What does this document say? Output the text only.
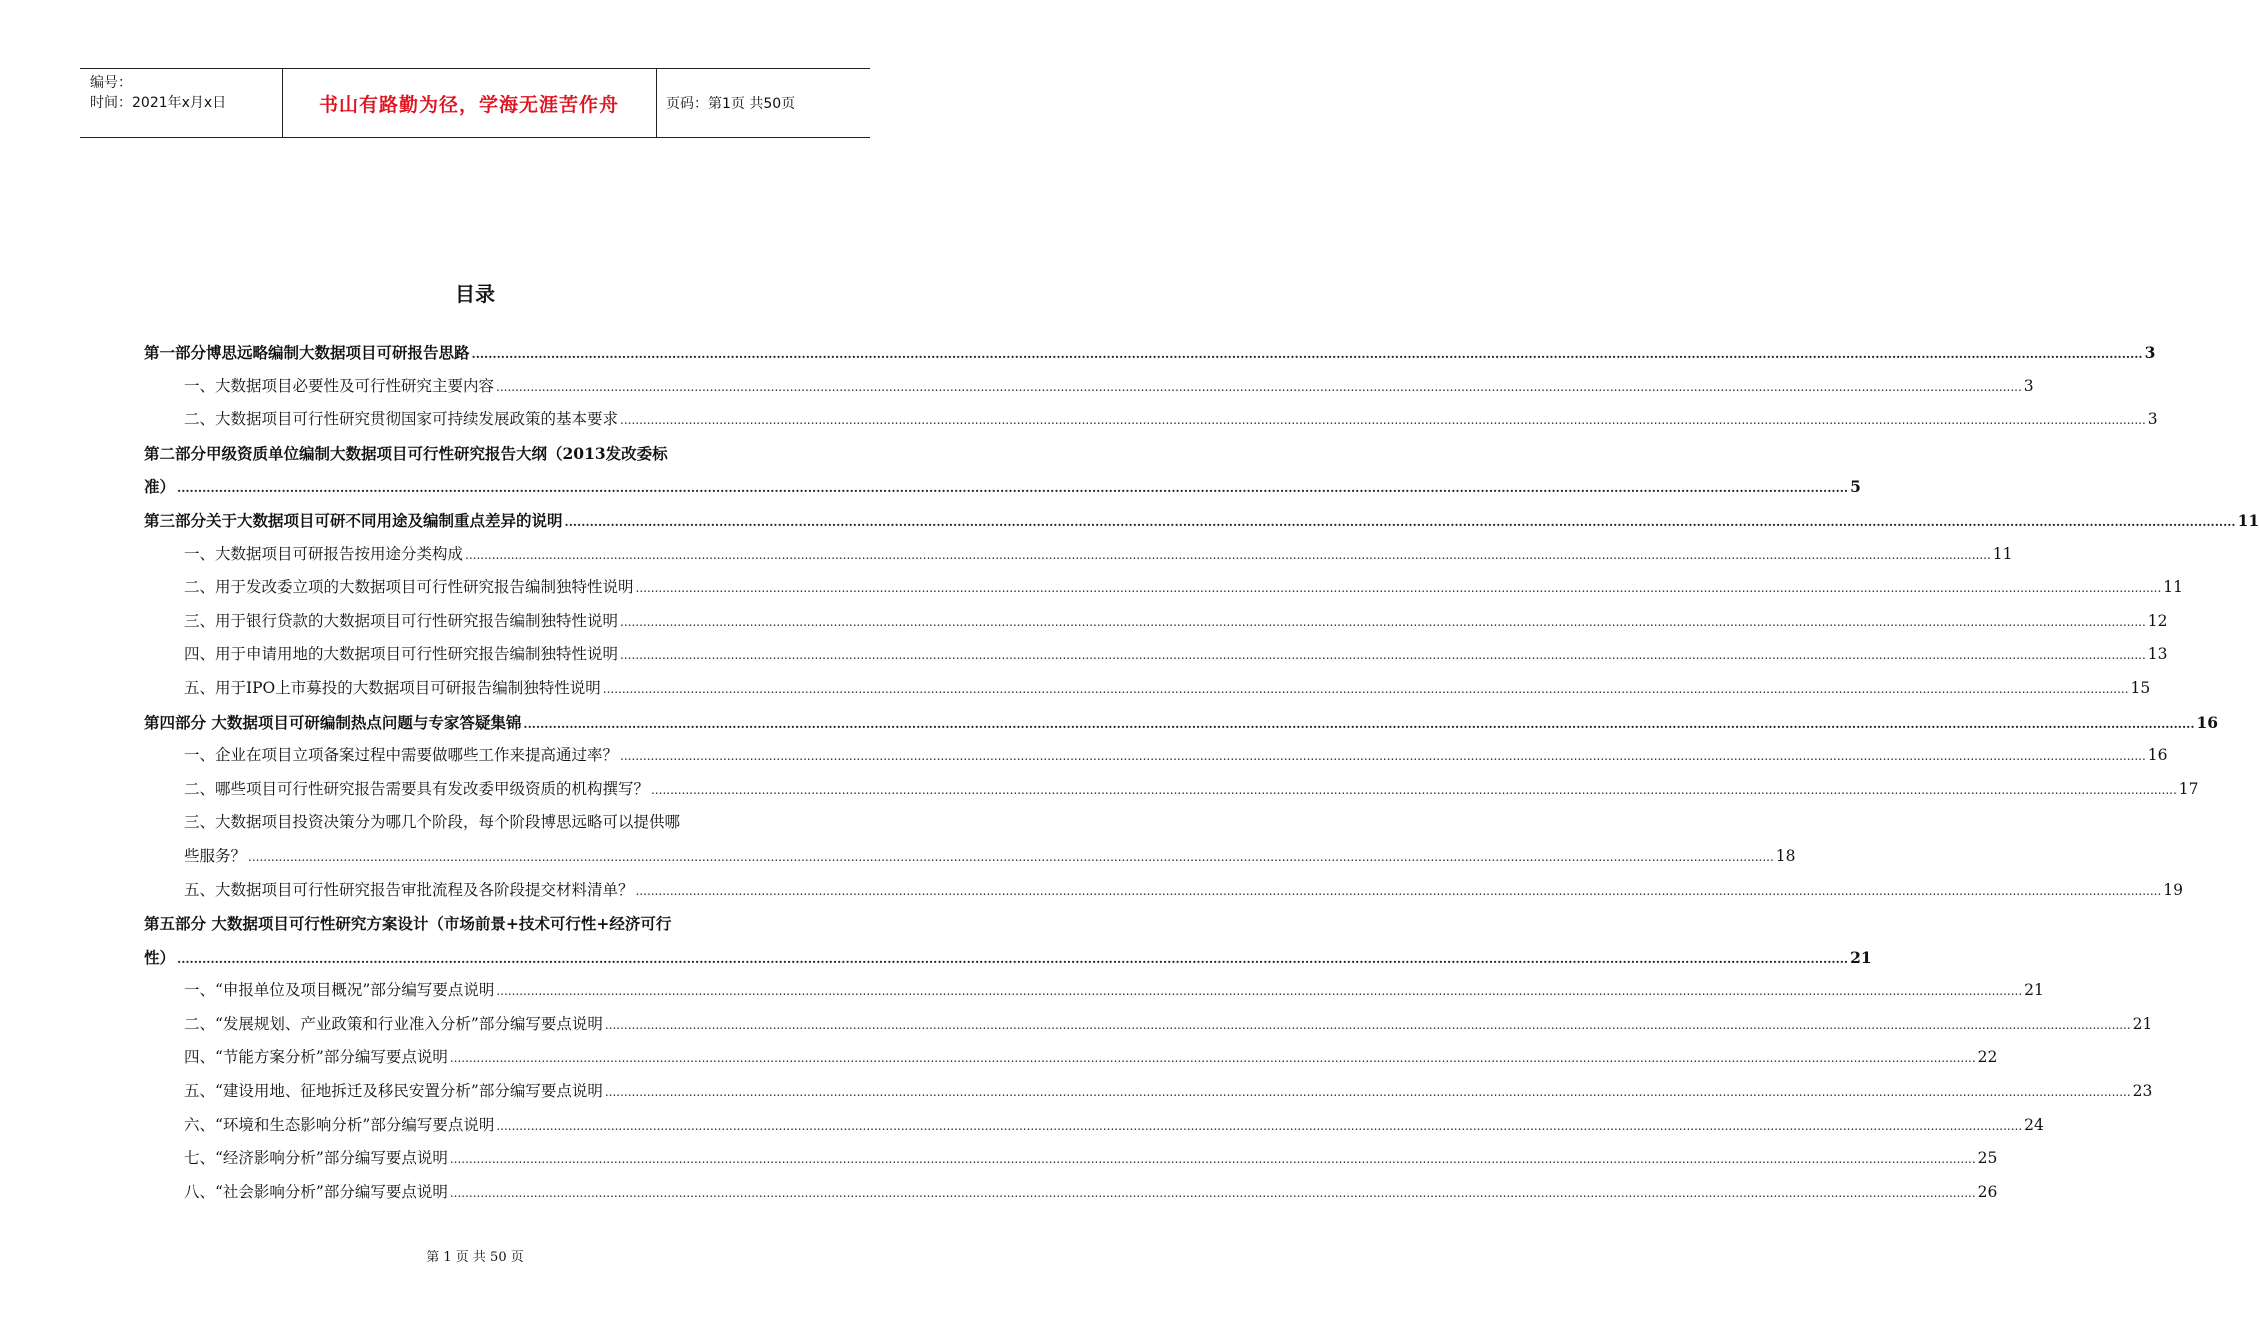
编号：
时间：2021年x月x日	书山有路勤为径，学海无涯苦作舟	页码：第1页 共50页
目录
第一部分博思远略编制大数据项目可研报告思路 ................................................................................................................................................................................................................................................................................................................................................................................................................ 3
一、大数据项目必要性及可行性研究主要内容 ................................................................................................................................................................................................................................................................................................................................................................................................................ 3
二、大数据项目可行性研究贯彻国家可持续发展政策的基本要求 ................................................................................................................................................................................................................................................................................................................................................................................................................ 3
第二部分甲级资质单位编制大数据项目可行性研究报告大纲（2013发改委标
准） ................................................................................................................................................................................................................................................................................................................................................................................................................ 5
第三部分关于大数据项目可研不同用途及编制重点差异的说明 ................................................................................................................................................................................................................................................................................................................................................................................................................ 11
一、大数据项目可研报告按用途分类构成 ................................................................................................................................................................................................................................................................................................................................................................................................................ 11
二、用于发改委立项的大数据项目可行性研究报告编制独特性说明 ................................................................................................................................................................................................................................................................................................................................................................................................................ 11
三、用于银行贷款的大数据项目可行性研究报告编制独特性说明 ................................................................................................................................................................................................................................................................................................................................................................................................................ 12
四、用于申请用地的大数据项目可行性研究报告编制独特性说明 ................................................................................................................................................................................................................................................................................................................................................................................................................ 13
五、用于IPO上市募投的大数据项目可研报告编制独特性说明 ................................................................................................................................................................................................................................................................................................................................................................................................................ 15
第四部分 大数据项目可研编制热点问题与专家答疑集锦 ................................................................................................................................................................................................................................................................................................................................................................................................................ 16
一、企业在项目立项备案过程中需要做哪些工作来提高通过率？ ................................................................................................................................................................................................................................................................................................................................................................................................................ 16
二、哪些项目可行性研究报告需要具有发改委甲级资质的机构撰写？ ................................................................................................................................................................................................................................................................................................................................................................................................................ 17
三、大数据项目投资决策分为哪几个阶段，每个阶段博思远略可以提供哪
些服务？ ................................................................................................................................................................................................................................................................................................................................................................................................................ 18
五、大数据项目可行性研究报告审批流程及各阶段提交材料清单？ ................................................................................................................................................................................................................................................................................................................................................................................................................ 19
第五部分 大数据项目可行性研究方案设计（市场前景+技术可行性+经济可行
性） ................................................................................................................................................................................................................................................................................................................................................................................................................ 21
一、“申报单位及项目概况”部分编写要点说明 ................................................................................................................................................................................................................................................................................................................................................................................................................ 21
二、“发展规划、产业政策和行业准入分析”部分编写要点说明 ................................................................................................................................................................................................................................................................................................................................................................................................................ 21
四、“节能方案分析”部分编写要点说明 ................................................................................................................................................................................................................................................................................................................................................................................................................ 22
五、“建设用地、征地拆迁及移民安置分析”部分编写要点说明 ................................................................................................................................................................................................................................................................................................................................................................................................................ 23
六、“环境和生态影响分析”部分编写要点说明 ................................................................................................................................................................................................................................................................................................................................................................................................................ 24
七、“经济影响分析”部分编写要点说明 ................................................................................................................................................................................................................................................................................................................................................................................................................ 25
八、“社会影响分析”部分编写要点说明 ................................................................................................................................................................................................................................................................................................................................................................................................................ 26
第 1 页 共 50 页
